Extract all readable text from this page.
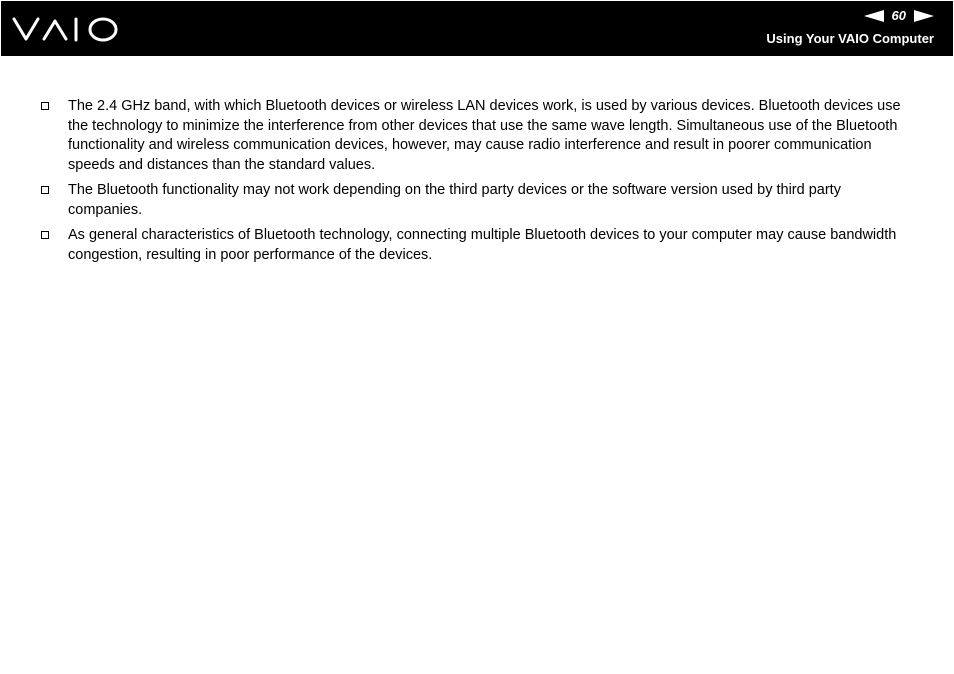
60
Using Your VAIO Computer
The 2.4 GHz band, with which Bluetooth devices or wireless LAN devices work, is used by various devices. Bluetooth devices use the technology to minimize the interference from other devices that use the same wave length. Simultaneous use of the Bluetooth functionality and wireless communication devices, however, may cause radio interference and result in poorer communication speeds and distances than the standard values.
The Bluetooth functionality may not work depending on the third party devices or the software version used by third party companies.
As general characteristics of Bluetooth technology, connecting multiple Bluetooth devices to your computer may cause bandwidth congestion, resulting in poor performance of the devices.
